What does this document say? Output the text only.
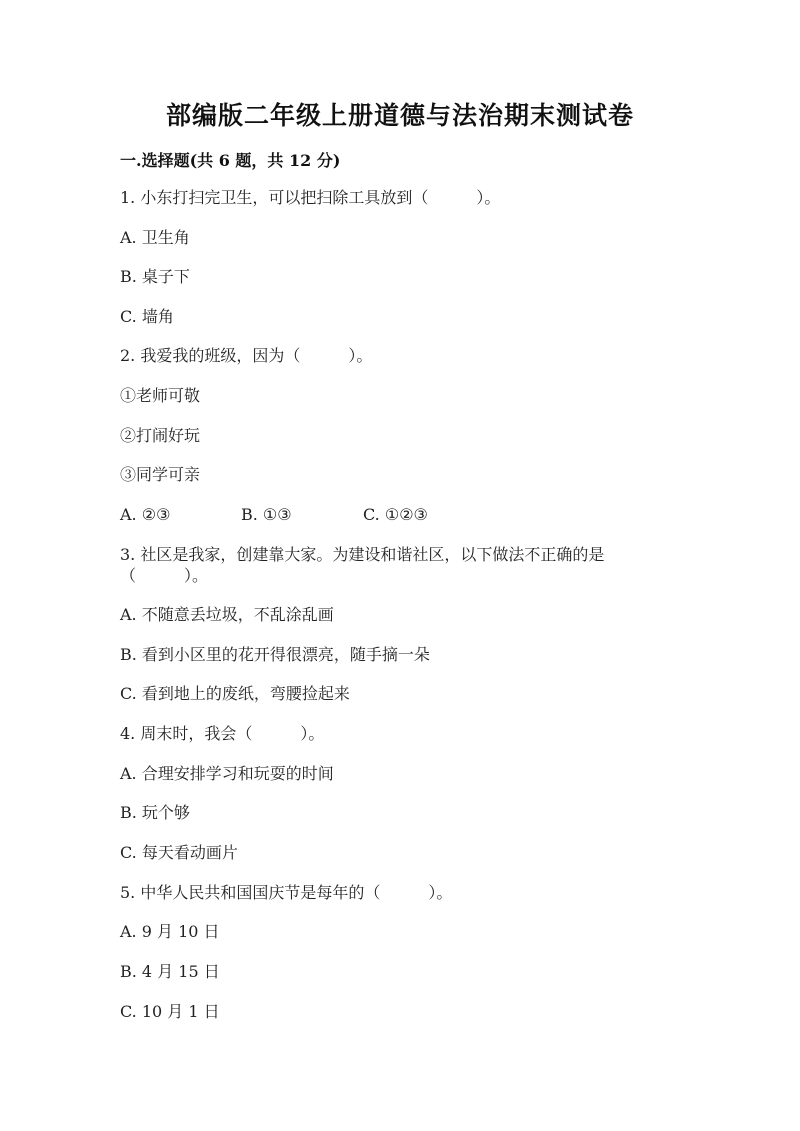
部编版二年级上册道德与法治期末测试卷
一.选择题(共 6 题，共 12 分)
1. 小东打扫完卫生，可以把扫除工具放到（　　　）。
A. 卫生角
B. 桌子下
C. 墙角
2. 我爱我的班级，因为（　　　）。
①老师可敬
②打闹好玩
③同学可亲
A. ②③	B. ①③	C. ①②③
3. 社区是我家，创建靠大家。为建设和谐社区，以下做法不正确的是
（　　　）。
A. 不随意丢垃圾，不乱涂乱画
B. 看到小区里的花开得很漂亮，随手摘一朵
C. 看到地上的废纸，弯腰捡起来
4. 周末时，我会（　　　）。
A. 合理安排学习和玩耍的时间
B. 玩个够
C. 每天看动画片
5. 中华人民共和国国庆节是每年的（　　　）。
A. 9 月 10 日
B. 4 月 15 日
C. 10 月 1 日
